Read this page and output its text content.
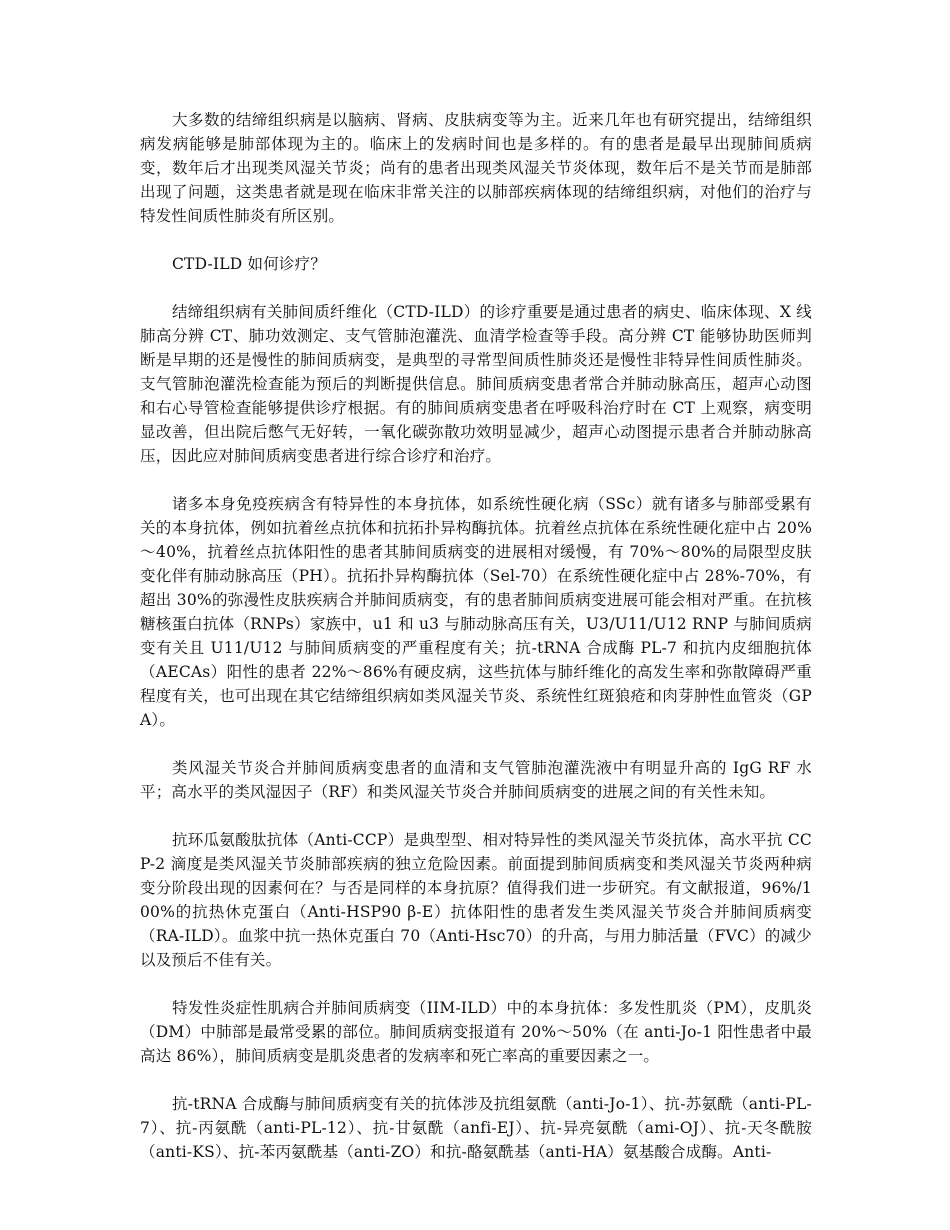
大多数的结缔组织病是以脑病、肾病、皮肤病变等为主。近来几年也有研究提出，结缔组织病发病能够是肺部体现为主的。临床上的发病时间也是多样的。有的患者是最早出现肺间质病变，数年后才出现类风湿关节炎；尚有的患者出现类风湿关节炎体现，数年后不是关节而是肺部出现了问题，这类患者就是现在临床非常关注的以肺部疾病体现的结缔组织病，对他们的治疗与特发性间质性肺炎有所区别。

CTD-ILD 如何诊疗？

结缔组织病有关肺间质纤维化（CTD-ILD）的诊疗重要是通过患者的病史、临床体现、X 线肺高分辨 CT、肺功效测定、支气管肺泡灌洗、血清学检查等手段。高分辨 CT 能够协助医师判断是早期的还是慢性的肺间质病变，是典型的寻常型间质性肺炎还是慢性非特异性间质性肺炎。支气管肺泡灌洗检查能为预后的判断提供信息。肺间质病变患者常合并肺动脉高压，超声心动图和右心导管检查能够提供诊疗根据。有的肺间质病变患者在呼吸科治疗时在 CT 上观察，病变明显改善，但出院后憋气无好转，一氧化碳弥散功效明显减少，超声心动图提示患者合并肺动脉高压，因此应对肺间质病变患者进行综合诊疗和治疗。

诸多本身免疫疾病含有特异性的本身抗体，如系统性硬化病（SSc）就有诸多与肺部受累有关的本身抗体，例如抗着丝点抗体和抗拓扑异构酶抗体。抗着丝点抗体在系统性硬化症中占 20%～40%，抗着丝点抗体阳性的患者其肺间质病变的进展相对缓慢，有 70%～80%的局限型皮肤变化伴有肺动脉高压（PH）。抗拓扑异构酶抗体（Sel-70）在系统性硬化症中占 28%-70%，有超出 30%的弥漫性皮肤疾病合并肺间质病变，有的患者肺间质病变进展可能会相对严重。在抗核糖核蛋白抗体（RNPs）家族中，u1 和 u3 与肺动脉高压有关，U3/U11/U12 RNP 与肺间质病变有关且 U11/U12 与肺间质病变的严重程度有关；抗-tRNA 合成酶 PL-7 和抗内皮细胞抗体（AECAs）阳性的患者 22%～86%有硬皮病，这些抗体与肺纤维化的高发生率和弥散障碍严重程度有关，也可出现在其它结缔组织病如类风湿关节炎、系统性红斑狼疮和肉芽肿性血管炎（GPA）。

类风湿关节炎合并肺间质病变患者的血清和支气管肺泡灌洗液中有明显升高的 IgG RF 水平；高水平的类风湿因子（RF）和类风湿关节炎合并肺间质病变的进展之间的有关性未知。

抗环瓜氨酸肽抗体（Anti-CCP）是典型型、相对特异性的类风湿关节炎抗体，高水平抗 CCP-2 滴度是类风湿关节炎肺部疾病的独立危险因素。前面提到肺间质病变和类风湿关节炎两种病变分阶段出现的因素何在？与否是同样的本身抗原？值得我们进一步研究。有文献报道，96%/100%的抗热休克蛋白（Anti-HSP90 β-E）抗体阳性的患者发生类风湿关节炎合并肺间质病变（RA-ILD）。血浆中抗一热休克蛋白 70（Anti-Hsc70）的升高，与用力肺活量（FVC）的减少以及预后不佳有关。

特发性炎症性肌病合并肺间质病变（IIM-ILD）中的本身抗体：多发性肌炎（PM），皮肌炎（DM）中肺部是最常受累的部位。肺间质病变报道有 20%～50%（在 anti-Jo-1 阳性患者中最高达 86%），肺间质病变是肌炎患者的发病率和死亡率高的重要因素之一。

抗-tRNA 合成酶与肺间质病变有关的抗体涉及抗组氨酰（anti-Jo-1）、抗-苏氨酰（anti-PL-7）、抗-丙氨酰（anti-PL-12）、抗-甘氨酰（anfi-EJ）、抗-异亮氨酰（ami-OJ）、抗-天冬酰胺（anti-KS）、抗-苯丙氨酰基（anti-ZO）和抗-酪氨酰基（anti-HA）氨基酸合成酶。Anti-
